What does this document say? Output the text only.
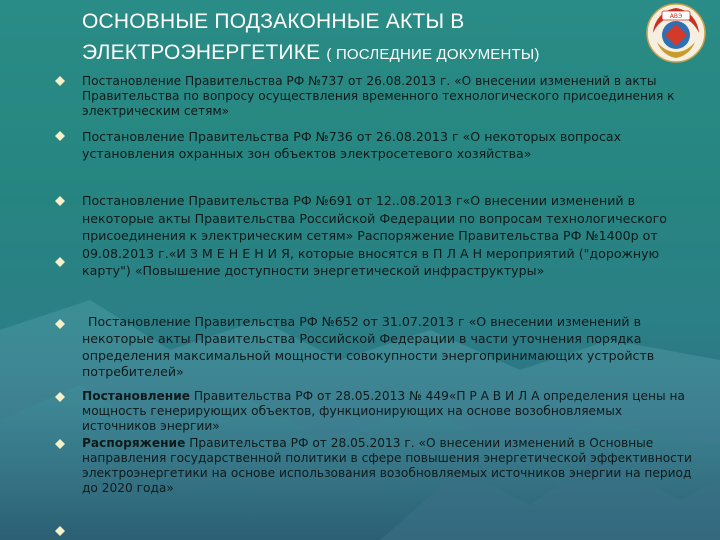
ОСНОВНЫЕ ПОДЗАКОННЫЕ АКТЫ В
ЭЛЕКТРОЭНЕРГЕТИКЕ ( ПОСЛЕДНИЕ ДОКУМЕНТЫ)
АВЭ
Постановление Правительства РФ №737 от 26.08.2013 г. «О внесении изменений в акты Правительства по вопросу осуществления временного технологического присоединения к электрическим сетям»
Постановление Правительства РФ №736 от 26.08.2013 г «О некоторых вопросах установления охранных зон объектов электросетевого хозяйства»
Постановление Правительства РФ №691 от 12..08.2013 г«О внесении изменений в некоторые акты Правительства Российской Федерации по вопросам технологического присоединения к электрическим сетям» Распоряжение Правительства РФ №1400р от 09.08.2013 г.«И З М Е Н Е Н И Я, которые вносятся в П Л А Н мероприятий ("дорожную карту") «Повышение доступности энергетической инфраструктуры»
Постановление Правительства РФ №652 от 31.07.2013 г «О внесении изменений в некоторые акты Правительства Российской Федерации в части уточнения порядка определения максимальной мощности совокупности энергопринимающих устройств потребителей»
Постановление Правительства РФ от 28.05.2013 № 449«П Р А В И Л А определения цены на мощность генерирующих объектов, функционирующих на основе возобновляемых источников энергии»
Распоряжение Правительства РФ от 28.05.2013 г. «О внесении изменений в Основные направления государственной политики в сфере повышения энергетической эффективности электроэнергетики на основе использования возобновляемых источников энергии на период до 2020 года»
